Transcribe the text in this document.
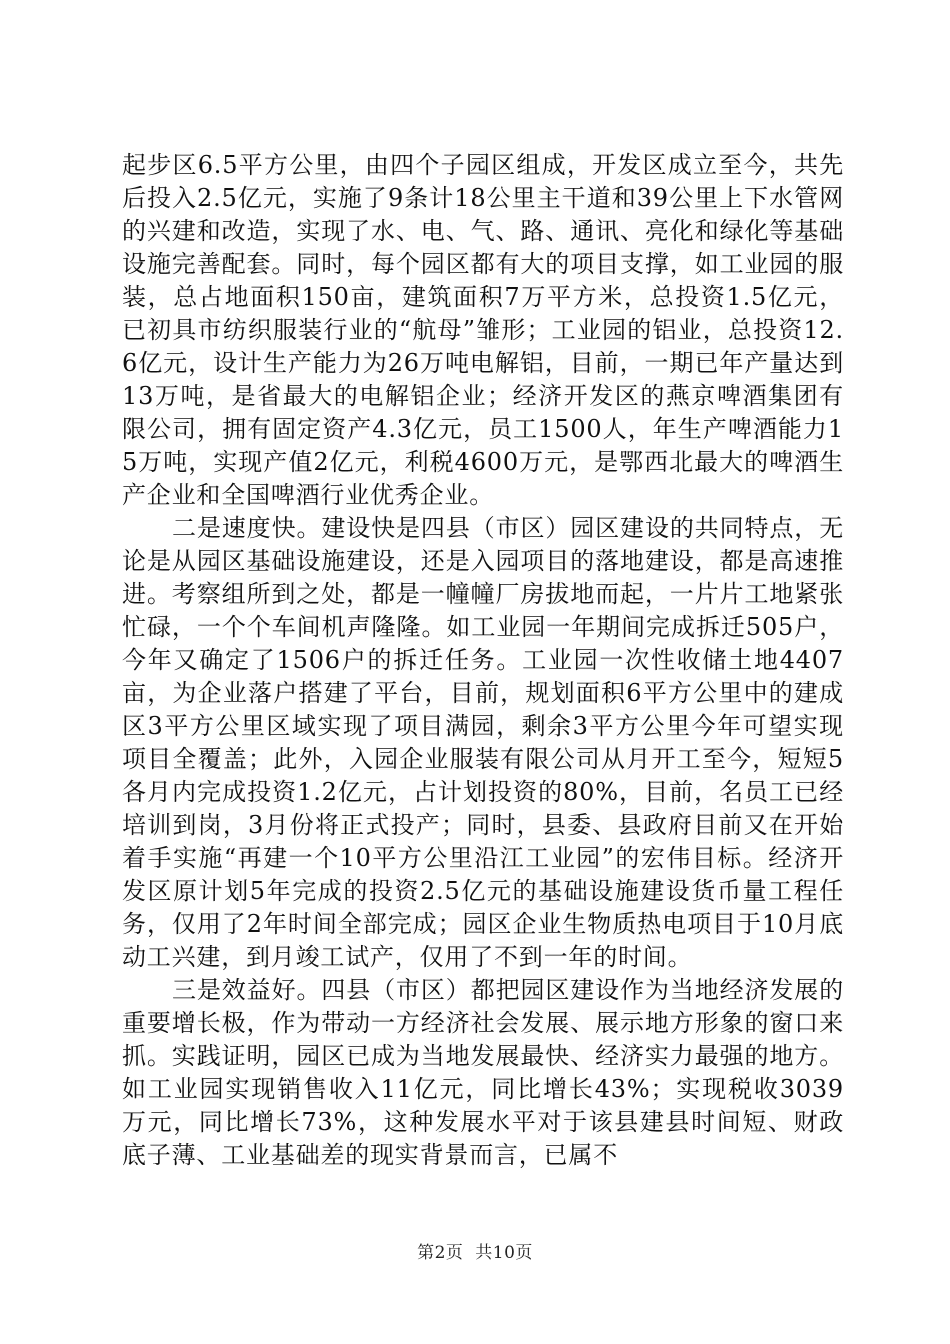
起步区6.5平方公里，由四个子园区组成，开发区成立至今，共先后投入2.5亿元，实施了9条计18公里主干道和39公里上下水管网的兴建和改造，实现了水、电、气、路、通讯、亮化和绿化等基础设施完善配套。同时，每个园区都有大的项目支撑，如工业园的服装，总占地面积150亩，建筑面积7万平方米，总投资1.5亿元，已初具市纺织服装行业的“航母”雏形；工业园的铝业，总投资12.6亿元，设计生产能力为26万吨电解铝，目前，一期已年产量达到13万吨，是省最大的电解铝企业；经济开发区的燕京啤酒集团有限公司，拥有固定资产4.3亿元，员工1500人，年生产啤酒能力15万吨，实现产值2亿元，利税4600万元，是鄂西北最大的啤酒生产企业和全国啤酒行业优秀企业。

二是速度快。建设快是四县（市区）园区建设的共同特点，无论是从园区基础设施建设，还是入园项目的落地建设，都是高速推进。考察组所到之处，都是一幢幢厂房拔地而起，一片片工地紧张忙碌，一个个车间机声隆隆。如工业园一年期间完成拆迁505户，今年又确定了1506户的拆迁任务。工业园一次性收储土地4407亩，为企业落户搭建了平台，目前，规划面积6平方公里中的建成区3平方公里区域实现了项目满园，剩余3平方公里今年可望实现项目全覆盖；此外，入园企业服装有限公司从月开工至今，短短5各月内完成投资1.2亿元，占计划投资的80%，目前，名员工已经培训到岗，3月份将正式投产；同时，县委、县政府目前又在开始着手实施“再建一个10平方公里沿江工业园”的宏伟目标。经济开发区原计划5年完成的投资2.5亿元的基础设施建设货币量工程任务，仅用了2年时间全部完成；园区企业生物质热电项目于10月底动工兴建，到月竣工试产，仅用了不到一年的时间。

三是效益好。四县（市区）都把园区建设作为当地经济发展的重要增长极，作为带动一方经济社会发展、展示地方形象的窗口来抓。实践证明，园区已成为当地发展最快、经济实力最强的地方。如工业园实现销售收入11亿元，同比增长43%；实现税收3039万元，同比增长73%，这种发展水平对于该县建县时间短、财政底子薄、工业基础差的现实背景而言，已属不

第2页 共10页
